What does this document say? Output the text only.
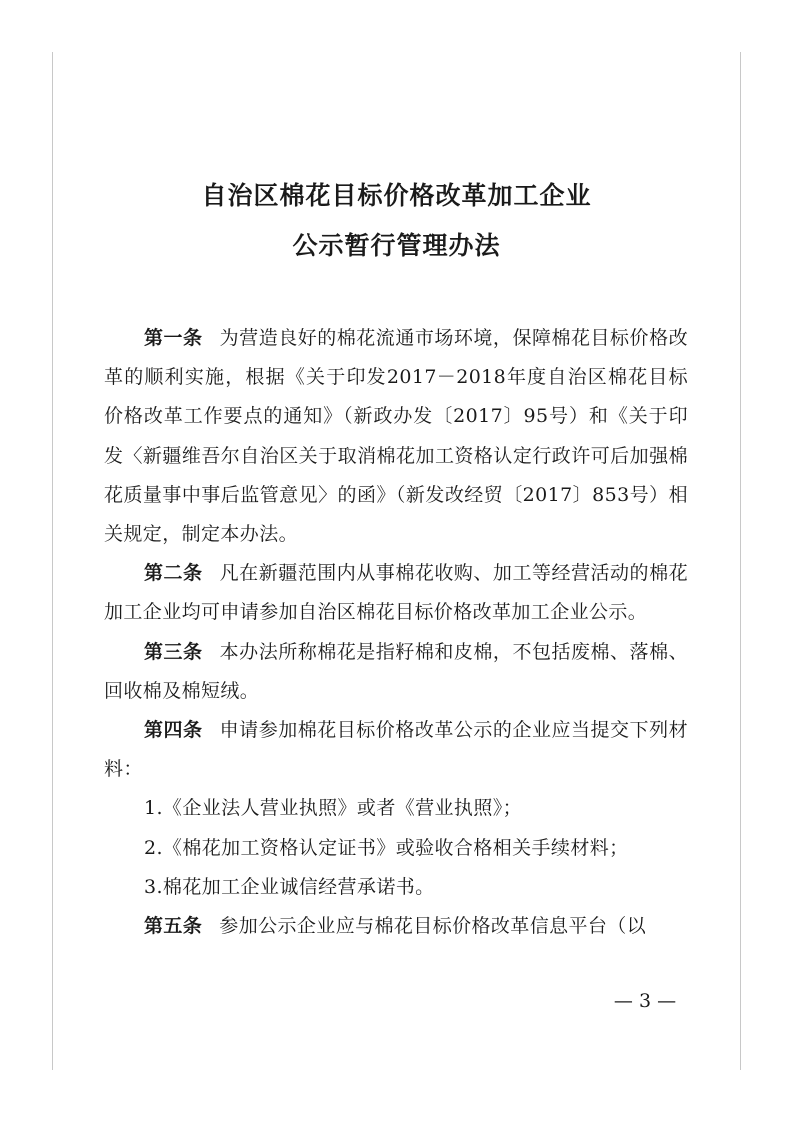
自治区棉花目标价格改革加工企业
公示暂行管理办法

第一条 为营造良好的棉花流通市场环境，保障棉花目标价格改革的顺利实施，根据《关于印发2017－2018年度自治区棉花目标价格改革工作要点的通知》（新政办发〔2017〕95号）和《关于印发〈新疆维吾尔自治区关于取消棉花加工资格认定行政许可后加强棉花质量事中事后监管意见〉的函》（新发改经贸〔2017〕853号）相关规定，制定本办法。

第二条 凡在新疆范围内从事棉花收购、加工等经营活动的棉花加工企业均可申请参加自治区棉花目标价格改革加工企业公示。

第三条 本办法所称棉花是指籽棉和皮棉，不包括废棉、落棉、回收棉及棉短绒。

第四条 申请参加棉花目标价格改革公示的企业应当提交下列材料：

1.《企业法人营业执照》或者《营业执照》；

2.《棉花加工资格认定证书》或验收合格相关手续材料；

3.棉花加工企业诚信经营承诺书。

第五条 参加公示企业应与棉花目标价格改革信息平台（以

— 3 —
